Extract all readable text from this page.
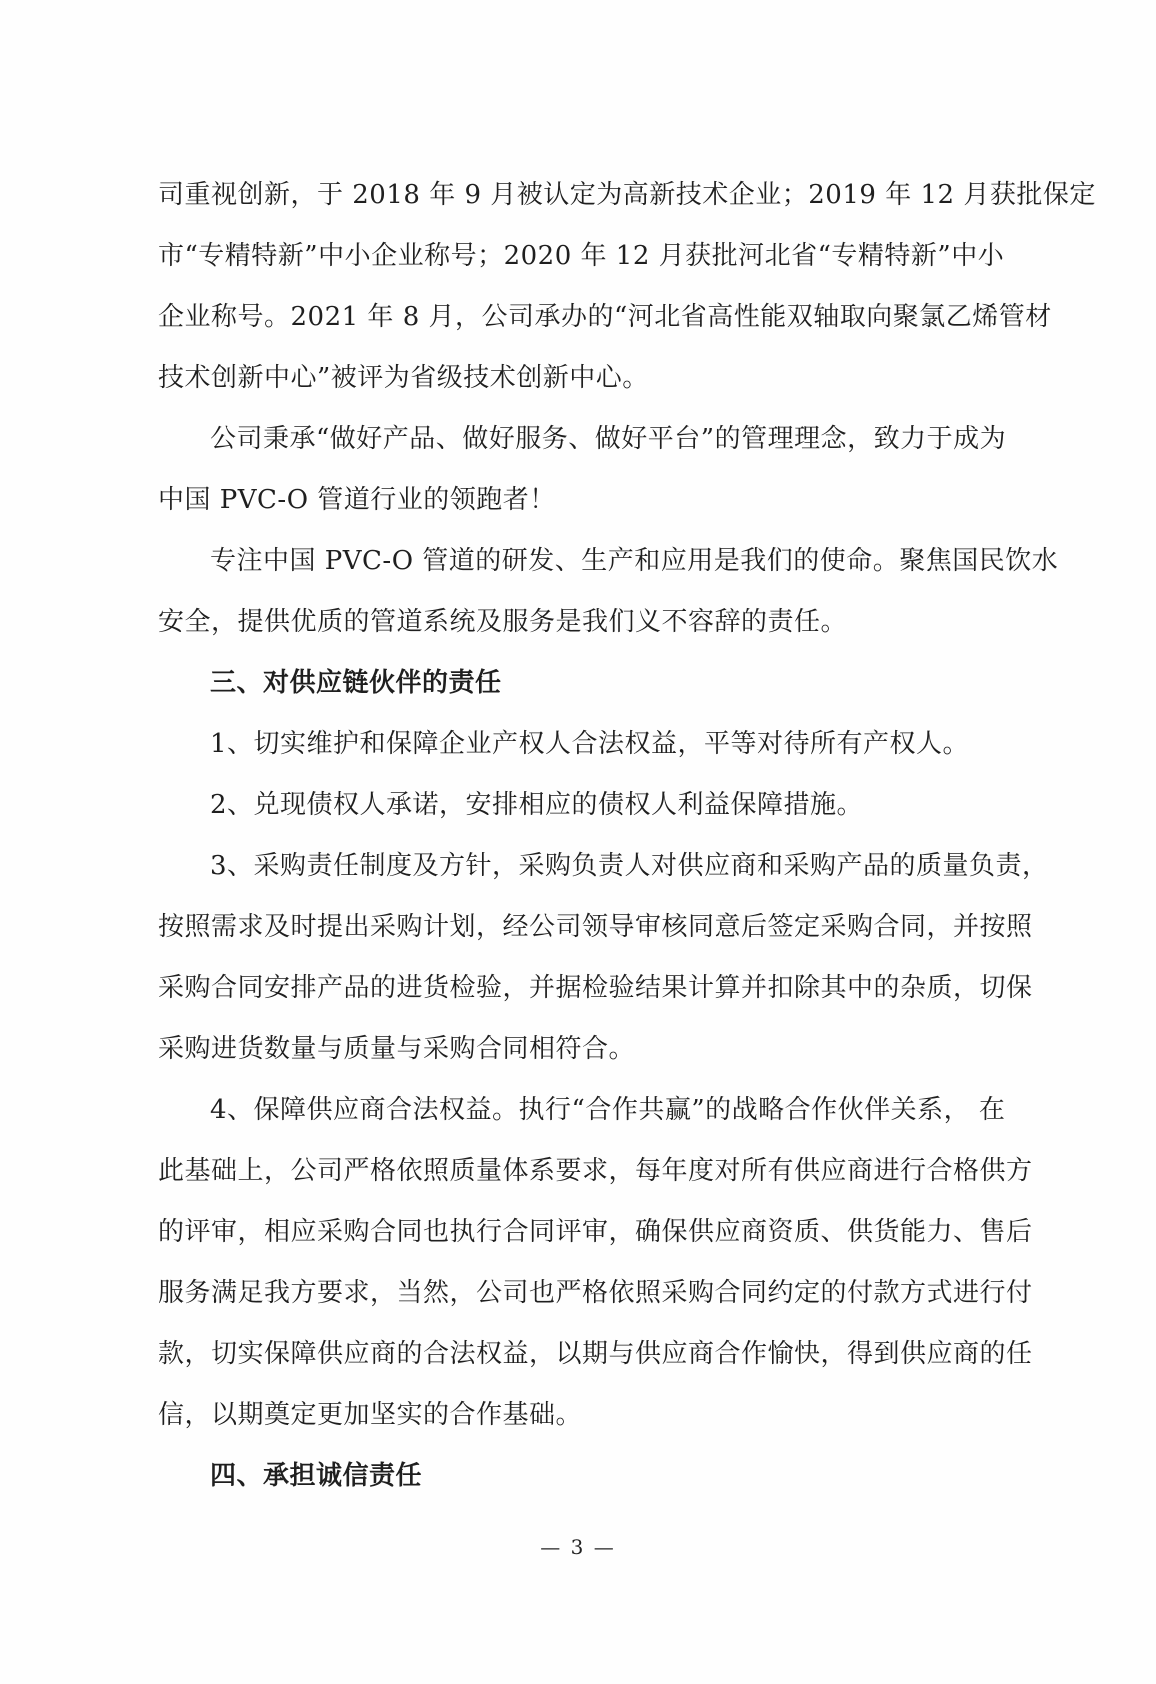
司重视创新，于 2018 年 9 月被认定为高新技术企业；2019 年 12 月获批保定
市“专精特新”中小企业称号；2020 年 12 月获批河北省“专精特新”中小
企业称号。2021 年 8 月，公司承办的“河北省高性能双轴取向聚氯乙烯管材
技术创新中心”被评为省级技术创新中心。
公司秉承“做好产品、做好服务、做好平台”的管理理念，致力于成为
中国 PVC-O 管道行业的领跑者！
专注中国 PVC-O 管道的研发、生产和应用是我们的使命。聚焦国民饮水
安全，提供优质的管道系统及服务是我们义不容辞的责任。
三、对供应链伙伴的责任
1、切实维护和保障企业产权人合法权益，平等对待所有产权人。
2、兑现债权人承诺，安排相应的债权人利益保障措施。
3、采购责任制度及方针，采购负责人对供应商和采购产品的质量负责，
按照需求及时提出采购计划，经公司领导审核同意后签定采购合同，并按照
采购合同安排产品的进货检验，并据检验结果计算并扣除其中的杂质，切保
采购进货数量与质量与采购合同相符合。
4、保障供应商合法权益。执行“合作共赢”的战略合作伙伴关系， 在
此基础上，公司严格依照质量体系要求，每年度对所有供应商进行合格供方
的评审，相应采购合同也执行合同评审，确保供应商资质、供货能力、售后
服务满足我方要求，当然，公司也严格依照采购合同约定的付款方式进行付
款，切实保障供应商的合法权益，以期与供应商合作愉快，得到供应商的任
信，以期奠定更加坚实的合作基础。
四、承担诚信责任
— 3 —
